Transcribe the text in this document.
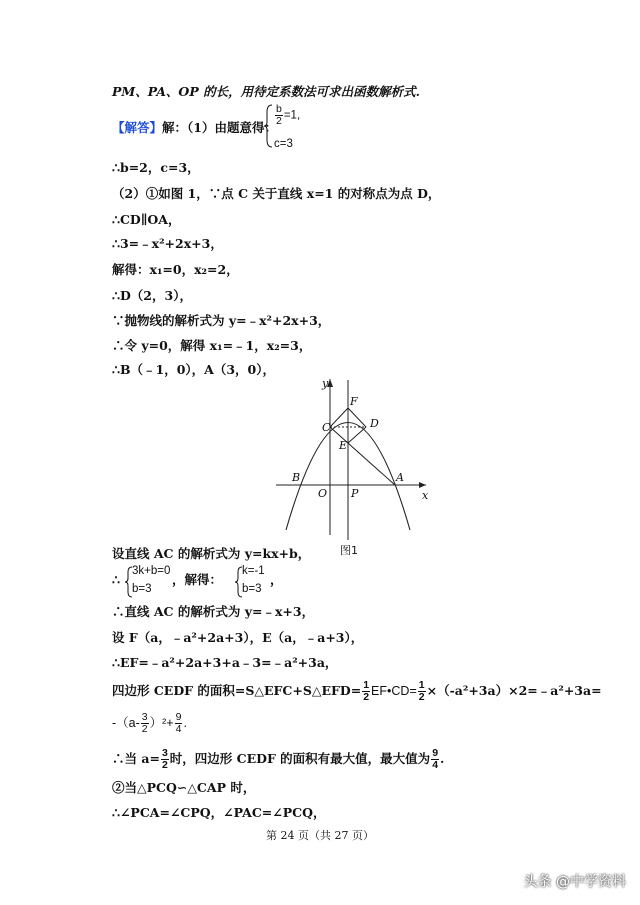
PM、PA、OP 的长，用待定系数法可求出函数解析式.
【解答】解：（1）由题意得：
$\frac{b}{2} =1$,
c=3
∴b=2，c=3，
（2）①如图 1，∵点 C 关于直线 x=1 的对称点为点 D，
∴CD∥OA，
∴3=﹣x²+2x+3，
解得：x₁=0，x₂=2，
∴D（2，3），
∵抛物线的解析式为 y=﹣x²+2x+3，
∴令 y=0，解得 x₁=﹣1，x₂=3，
∴B（﹣1，0），A（3，0），
y
x
F
C	D
E
B
O P
A
图1
设直线 AC 的解析式为 y=kx+b，
∴
3k+b=0
b=3
，解得：
k=-1
b=3
，
∴直线 AC 的解析式为 y=﹣x+3，
设 F（a，﹣a²+2a+3），E（a，﹣a+3），
∴EF=﹣a²+2a+3+a﹣3=﹣a²+3a，
四边形 CEDF 的面积=S△EFC+S△EFD= $\frac{1}{2}$ EF•CD= $\frac{1}{2}$ ×（-a²+3a）×2=﹣a²+3a=
$-(a- \frac{3}{2} )^2+ \frac{9}{4}$ .
∴当 $a= \frac{3}{2}$ 时，四边形 CEDF 的面积有最大值，最大值为 $\frac{9}{4}$ .
②当△PCQ∽△CAP 时，
∴∠PCA=∠CPQ，∠PAC=∠PCQ，
第 24 页（共 27 页）
头条 @中学资料
